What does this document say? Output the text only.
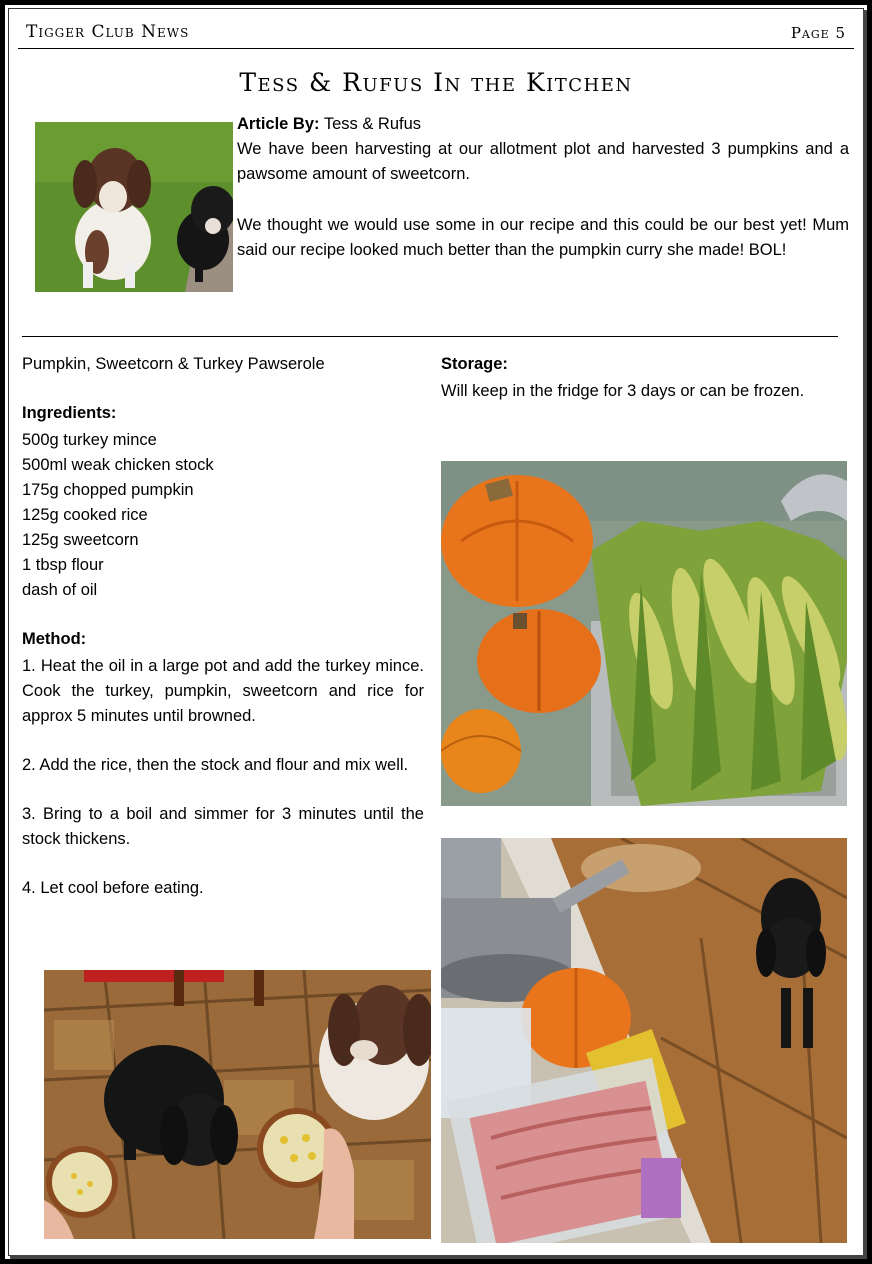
Tigger Club News	Page 5
Tess & Rufus In the Kitchen
Article By: Tess & Rufus

We have been harvesting at our allotment plot and harvested 3 pumpkins and a pawsome amount of sweetcorn.

We thought we would use some in our recipe and this could be our best yet! Mum said our recipe looked much better than the pumpkin curry she made! BOL!

Pumpkin, Sweetcorn & Turkey Pawserole
Ingredients:
500g turkey mince
500ml weak chicken stock
175g chopped pumpkin
125g cooked rice
125g sweetcorn
1 tbsp flour
dash of oil
Method:

1. Heat the oil in a large pot and add the turkey mince. Cook the turkey, pumpkin, sweetcorn and rice for approx 5 minutes until browned.

2. Add the rice, then the stock and flour and mix well.

3. Bring to a boil and simmer for 3 minutes until the stock thickens.

4. Let cool before eating.

Storage:

Will keep in the fridge for 3 days or can be frozen.
